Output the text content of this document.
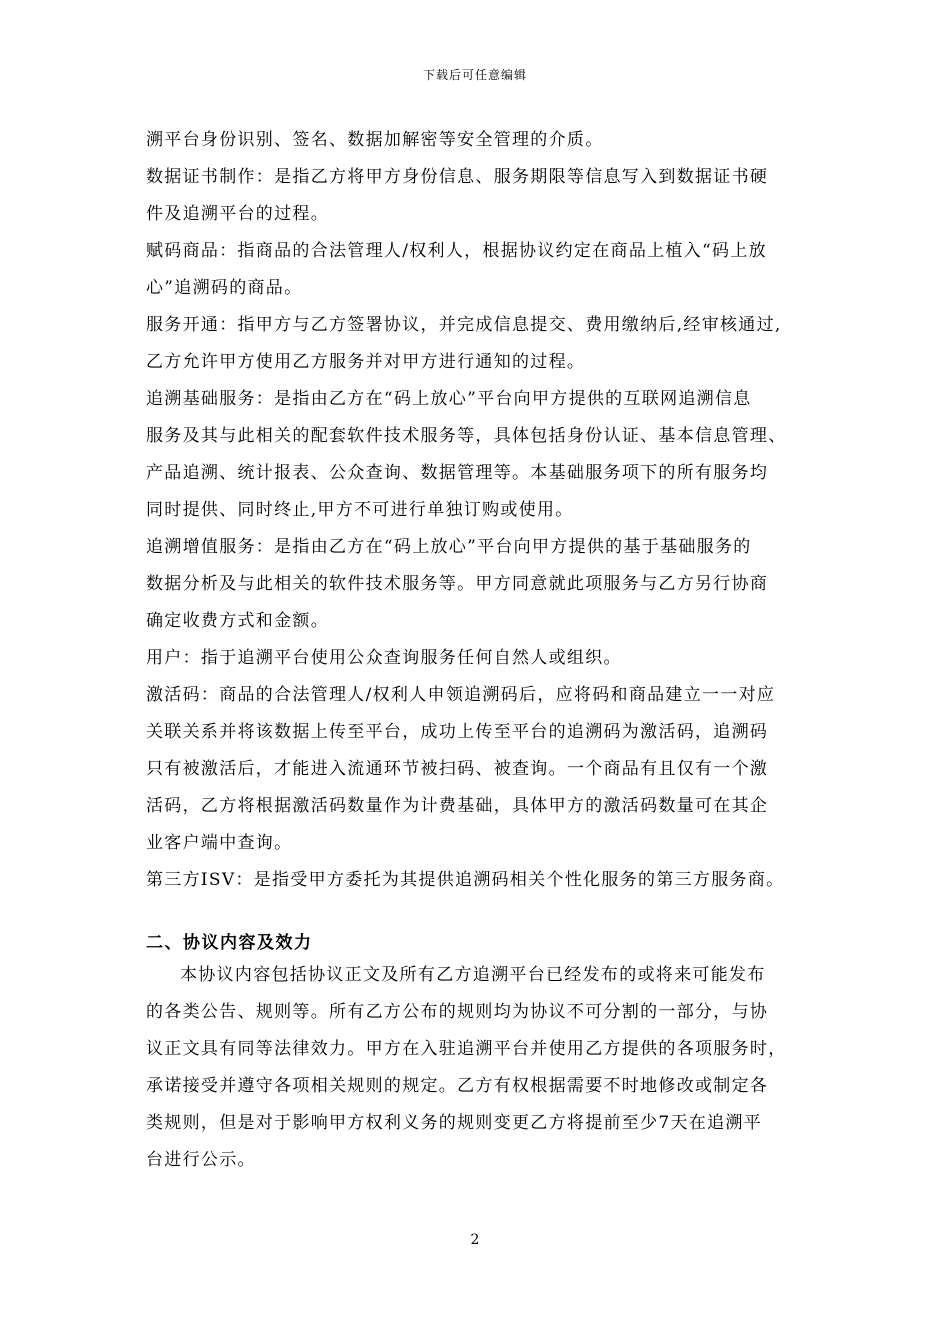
下载后可任意编辑

溯平台身份识别、签名、数据加解密等安全管理的介质。

数据证书制作：是指乙方将甲方身份信息、服务期限等信息写入到数据证书硬

件及追溯平台的过程。

赋码商品：指商品的合法管理人/权利人，根据协议约定在商品上植入“码上放

心”追溯码的商品。

服务开通：指甲方与乙方签署协议，并完成信息提交、费用缴纳后,经审核通过,

乙方允许甲方使用乙方服务并对甲方进行通知的过程。

追溯基础服务：是指由乙方在“码上放心”平台向甲方提供的互联网追溯信息

服务及其与此相关的配套软件技术服务等，具体包括身份认证、基本信息管理、

产品追溯、统计报表、公众查询、数据管理等。本基础服务项下的所有服务均

同时提供、同时终止,甲方不可进行单独订购或使用。

追溯增值服务：是指由乙方在“码上放心”平台向甲方提供的基于基础服务的

数据分析及与此相关的软件技术服务等。甲方同意就此项服务与乙方另行协商

确定收费方式和金额。

用户：指于追溯平台使用公众查询服务任何自然人或组织。

激活码：商品的合法管理人/权利人申领追溯码后，应将码和商品建立一一对应

关联关系并将该数据上传至平台，成功上传至平台的追溯码为激活码，追溯码

只有被激活后，才能进入流通环节被扫码、被查询。一个商品有且仅有一个激

活码，乙方将根据激活码数量作为计费基础，具体甲方的激活码数量可在其企

业客户端中查询。

第三方ISV：是指受甲方委托为其提供追溯码相关个性化服务的第三方服务商。

二、协议内容及效力

本协议内容包括协议正文及所有乙方追溯平台已经发布的或将来可能发布

的各类公告、规则等。所有乙方公布的规则均为协议不可分割的一部分，与协

议正文具有同等法律效力。甲方在入驻追溯平台并使用乙方提供的各项服务时，

承诺接受并遵守各项相关规则的规定。乙方有权根据需要不时地修改或制定各

类规则，但是对于影响甲方权利义务的规则变更乙方将提前至少7天在追溯平

台进行公示。

2
